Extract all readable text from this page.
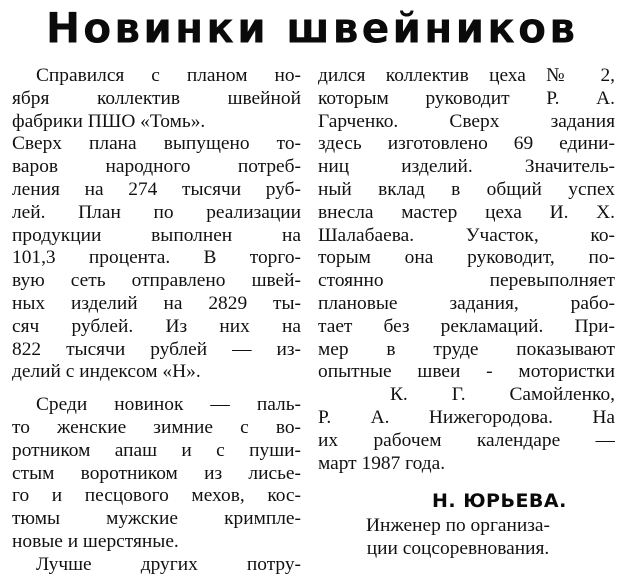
Новинки швейников
Справился с планом но-
ября коллектив швейной
фабрики ПШО «Томь».
Сверх плана выпущено то-
варов народного потреб-
ления на 274 тысячи руб-
лей. План по реализации
продукции выполнен на
101,3 процента. В торго-
вую сеть отправлено швей-
ных изделий на 2829 ты-
сяч рублей. Из них на
822 тысячи рублей — из-
делий с индексом «Н».
Среди новинок — паль-
то женские зимние с во-
ротником апаш и с пуши-
стым воротником из лисье-
го и песцового мехов, кос-
тюмы мужские кримпле-
новые и шерстяные.
Лучше других потру-
дился коллектив цеха № 2,
которым руководит Р. А.
Гарченко. Сверх задания
здесь изготовлено 69 едини-
ниц изделий. Значитель-
ный вклад в общий успех
внесла мастер цеха И. Х.
Шалабаева. Участок, ко-
торым она руководит, по-
стоянно перевыполняет
плановые задания, рабо-
тает без рекламаций. При-
мер в труде показывают
опытные швеи - мотористки
К. Г. Самойленко,
Р. А. Нижегородова. На
их рабочем календаре —
март 1987 года.
Н. ЮРЬЕВА.
Инженер по организа-
ции соцсоревнования.
